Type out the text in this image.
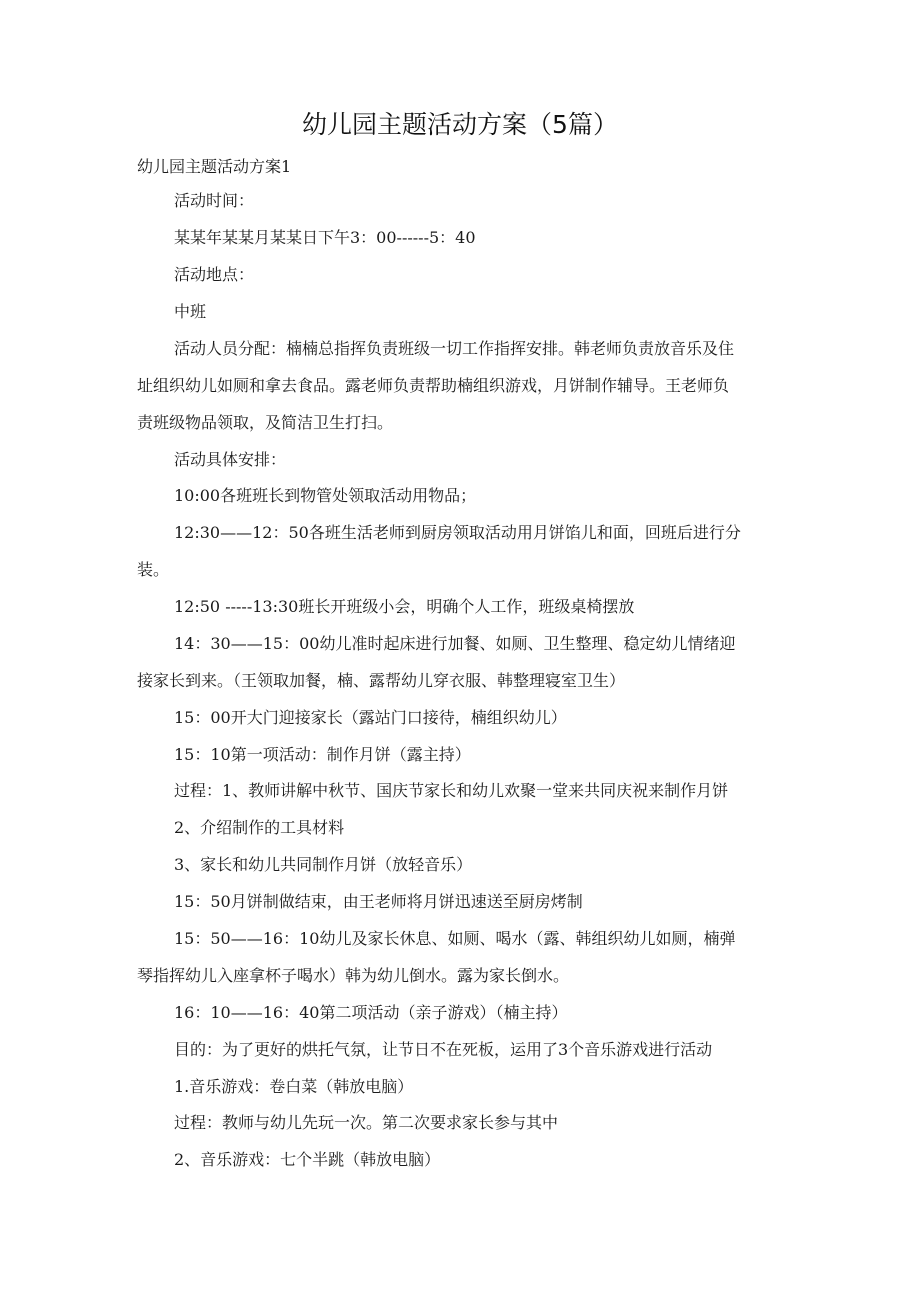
幼儿园主题活动方案（5篇）
幼儿园主题活动方案1
活动时间：
某某年某某月某某日下午3：00------5：40
活动地点：
中班
活动人员分配：楠楠总指挥负责班级一切工作指挥安排。韩老师负责放音乐及住
址组织幼儿如厕和拿去食品。露老师负责帮助楠组织游戏，月饼制作辅导。王老师负
责班级物品领取，及简洁卫生打扫。
活动具体安排：
10:00各班班长到物管处领取活动用物品；
12:30——12：50各班生活老师到厨房领取活动用月饼馅儿和面，回班后进行分
装。
12:50 -----13:30班长开班级小会，明确个人工作，班级桌椅摆放
14：30——15：00幼儿准时起床进行加餐、如厕、卫生整理、稳定幼儿情绪迎
接家长到来。（王领取加餐，楠、露帮幼儿穿衣服、韩整理寝室卫生）
15：00开大门迎接家长（露站门口接待，楠组织幼儿）
15：10第一项活动：制作月饼（露主持）
过程：1、教师讲解中秋节、国庆节家长和幼儿欢聚一堂来共同庆祝来制作月饼
2、介绍制作的工具材料
3、家长和幼儿共同制作月饼（放轻音乐）
15：50月饼制做结束，由王老师将月饼迅速送至厨房烤制
15：50——16：10幼儿及家长休息、如厕、喝水（露、韩组织幼儿如厕，楠弹
琴指挥幼儿入座拿杯子喝水）韩为幼儿倒水。露为家长倒水。
16：10——16：40第二项活动（亲子游戏）（楠主持）
目的：为了更好的烘托气氛，让节日不在死板，运用了3个音乐游戏进行活动
1.音乐游戏：卷白菜（韩放电脑）
过程：教师与幼儿先玩一次。第二次要求家长参与其中
2、音乐游戏：七个半跳（韩放电脑）
